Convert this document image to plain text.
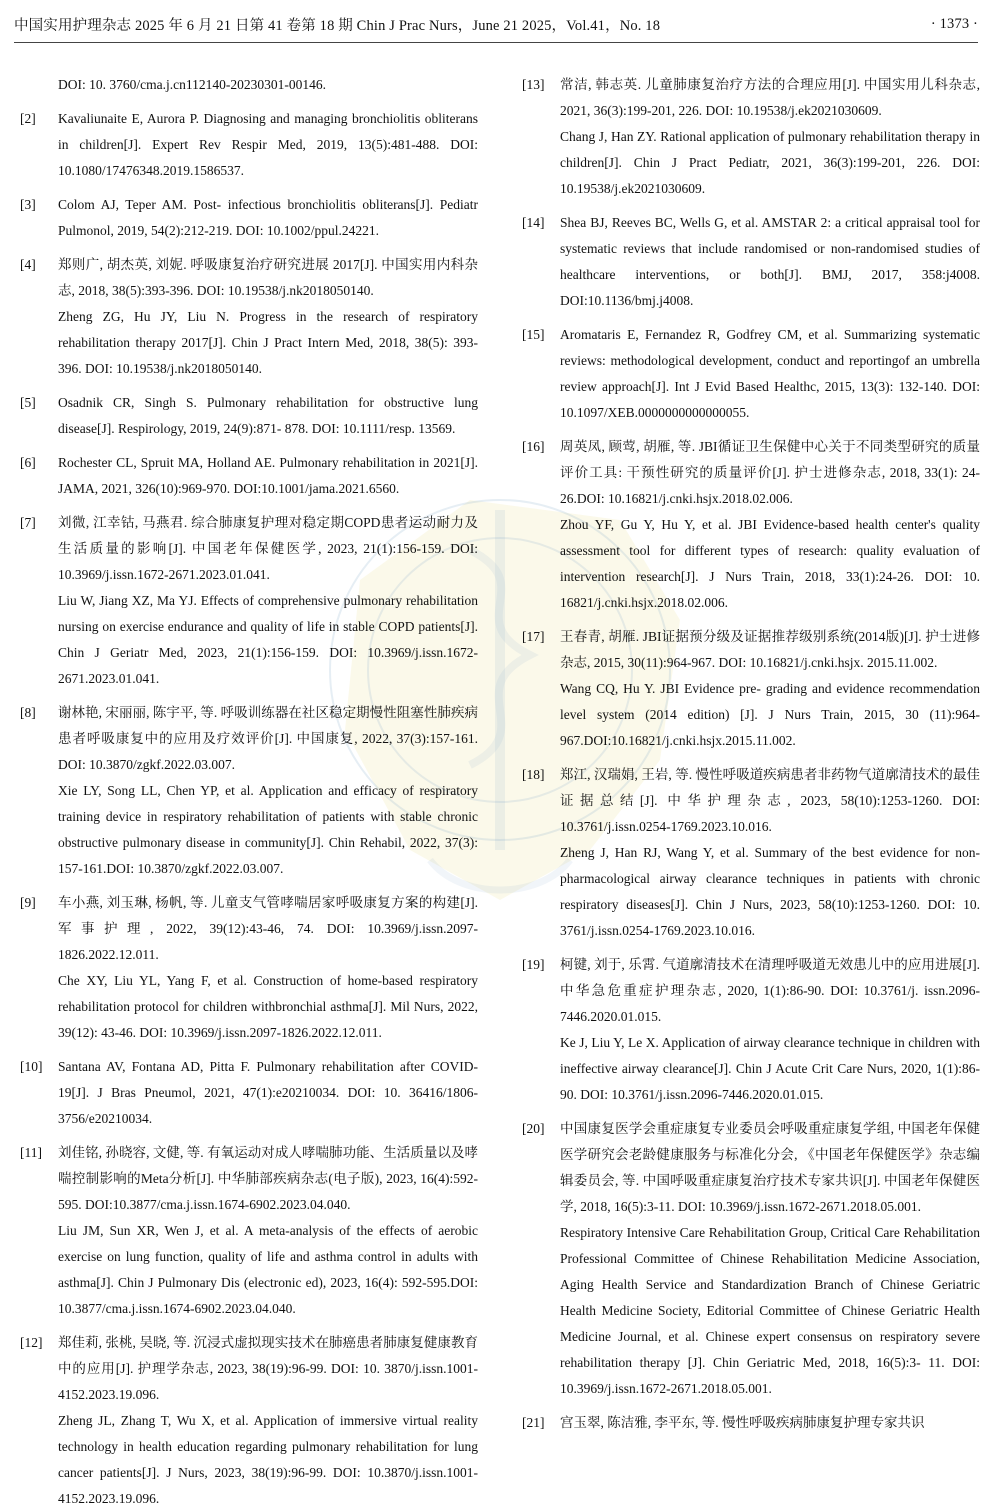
中国实用护理杂志 2025 年 6 月 21 日第 41 卷第 18 期 Chin J Prac Nurs，June 21 2025，Vol.41，No. 18	· 1373 ·
DOI: 10. 3760/cma.j.cn112140-20230301-00146.
[2] Kavaliunaite E, Aurora P. Diagnosing and managing bronchiolitis obliterans in children[J]. Expert Rev Respir Med, 2019, 13(5):481-488. DOI: 10.1080/17476348.2019.1586537.
[3] Colom AJ, Teper AM. Post- infectious bronchiolitis obliterans[J]. Pediatr Pulmonol, 2019, 54(2):212-219. DOI: 10.1002/ppul.24221.
[4] 郑则广, 胡杰英, 刘妮. 呼吸康复治疗研究进展 2017[J]. 中国实用内科杂志, 2018, 38(5):393-396. DOI: 10.19538/j.nk2018050140.
Zheng ZG, Hu JY, Liu N. Progress in the research of respiratory rehabilitation therapy 2017[J]. Chin J Pract Intern Med, 2018, 38(5): 393-396. DOI: 10.19538/j.nk2018050140.
[5] Osadnik CR, Singh S. Pulmonary rehabilitation for obstructive lung disease[J]. Respirology, 2019, 24(9):871- 878. DOI: 10.1111/resp. 13569.
[6] Rochester CL, Spruit MA, Holland AE. Pulmonary rehabilitation in 2021[J]. JAMA, 2021, 326(10):969-970. DOI:10.1001/jama.2021.6560.
[7] 刘微, 江幸钴, 马燕君. 综合肺康复护理对稳定期COPD患者运动耐力及生活质量的影响[J]. 中国老年保健医学, 2023, 21(1):156-159. DOI: 10.3969/j.issn.1672-2671.2023.01.041.
Liu W, Jiang XZ, Ma YJ. Effects of comprehensive pulmonary rehabilitation nursing on exercise endurance and quality of life in stable COPD patients[J]. Chin J Geriatr Med, 2023, 21(1):156-159. DOI: 10.3969/j.issn.1672-2671.2023.01.041.
[8] 谢林艳, 宋丽丽, 陈宇平, 等. 呼吸训练器在社区稳定期慢性阻塞性肺疾病患者呼吸康复中的应用及疗效评价[J]. 中国康复, 2022, 37(3):157-161. DOI: 10.3870/zgkf.2022.03.007.
Xie LY, Song LL, Chen YP, et al. Application and efficacy of respiratory training device in respiratory rehabilitation of patients with stable chronic obstructive pulmonary disease in community[J]. Chin Rehabil, 2022, 37(3): 157-161.DOI: 10.3870/zgkf.2022.03.007.
[9] 车小燕, 刘玉琳, 杨帆, 等. 儿童支气管哮喘居家呼吸康复方案的构建[J]. 军事护理, 2022, 39(12):43-46, 74. DOI: 10.3969/j.issn.2097-1826.2022.12.011.
Che XY, Liu YL, Yang F, et al. Construction of home-based respiratory rehabilitation protocol for children withbronchial asthma[J]. Mil Nurs, 2022, 39(12): 43-46. DOI: 10.3969/j.issn.2097-1826.2022.12.011.
[10] Santana AV, Fontana AD, Pitta F. Pulmonary rehabilitation after COVID-19[J]. J Bras Pneumol, 2021, 47(1):e20210034. DOI: 10. 36416/1806-3756/e20210034.
[11] 刘佳铭, 孙晓容, 文健, 等. 有氧运动对成人哮喘肺功能、生活质量以及哮喘控制影响的Meta分析[J]. 中华肺部疾病杂志(电子版), 2023, 16(4):592-595. DOI:10.3877/cma.j.issn.1674-6902.2023.04.040.
Liu JM, Sun XR, Wen J, et al. A meta-analysis of the effects of aerobic exercise on lung function, quality of life and asthma control in adults with asthma[J]. Chin J Pulmonary Dis (electronic ed), 2023, 16(4): 592-595.DOI: 10.3877/cma.j.issn.1674-6902.2023.04.040.
[12] 郑佳莉, 张桃, 吴晓, 等. 沉浸式虚拟现实技术在肺癌患者肺康复健康教育中的应用[J]. 护理学杂志, 2023, 38(19):96-99. DOI: 10. 3870/j.issn.1001-4152.2023.19.096.
Zheng JL, Zhang T, Wu X, et al. Application of immersive virtual reality technology in health education regarding pulmonary rehabilitation for lung cancer patients[J]. J Nurs, 2023, 38(19):96-99. DOI: 10.3870/j.issn.1001-4152.2023.19.096.
[13] 常洁, 韩志英. 儿童肺康复治疗方法的合理应用[J]. 中国实用儿科杂志, 2021, 36(3):199-201, 226. DOI: 10.19538/j.ek2021030609.
Chang J, Han ZY. Rational application of pulmonary rehabilitation therapy in children[J]. Chin J Pract Pediatr, 2021, 36(3):199-201, 226. DOI: 10.19538/j.ek2021030609.
[14] Shea BJ, Reeves BC, Wells G, et al. AMSTAR 2: a critical appraisal tool for systematic reviews that include randomised or non-randomised studies of healthcare interventions, or both[J]. BMJ, 2017, 358:j4008. DOI:10.1136/bmj.j4008.
[15] Aromataris E, Fernandez R, Godfrey CM, et al. Summarizing systematic reviews: methodological development, conduct and reportingof an umbrella review approach[J]. Int J Evid Based Healthc, 2015, 13(3): 132-140. DOI: 10.1097/XEB.0000000000000055.
[16] 周英凤, 顾莺, 胡雁, 等. JBI循证卫生保健中心关于不同类型研究的质量评价工具: 干预性研究的质量评价[J]. 护士进修杂志, 2018, 33(1): 24-26.DOI: 10.16821/j.cnki.hsjx.2018.02.006.
Zhou YF, Gu Y, Hu Y, et al. JBI Evidence-based health center's quality assessment tool for different types of research: quality evaluation of intervention research[J]. J Nurs Train, 2018, 33(1):24-26. DOI: 10. 16821/j.cnki.hsjx.2018.02.006.
[17] 王春青, 胡雁. JBI证据预分级及证据推荐级别系统(2014版)[J]. 护士进修杂志, 2015, 30(11):964-967. DOI: 10.16821/j.cnki.hsjx. 2015.11.002.
Wang CQ, Hu Y. JBI Evidence pre- grading and evidence recommendation level system (2014 edition) [J]. J Nurs Train, 2015, 30 (11):964-967.DOI:10.16821/j.cnki.hsjx.2015.11.002.
[18] 郑江, 汉瑞娟, 王岩, 等. 慢性呼吸道疾病患者非药物气道廓清技术的最佳证据总结[J]. 中华护理杂志, 2023, 58(10):1253-1260. DOI: 10.3761/j.issn.0254-1769.2023.10.016.
Zheng J, Han RJ, Wang Y, et al. Summary of the best evidence for non-pharmacological airway clearance techniques in patients with chronic respiratory diseases[J]. Chin J Nurs, 2023, 58(10):1253-1260. DOI: 10. 3761/j.issn.0254-1769.2023.10.016.
[19] 柯键, 刘于, 乐霄. 气道廓清技术在清理呼吸道无效患儿中的应用进展[J]. 中华急危重症护理杂志, 2020, 1(1):86-90. DOI: 10.3761/j. issn.2096-7446.2020.01.015.
Ke J, Liu Y, Le X. Application of airway clearance technique in children with ineffective airway clearance[J]. Chin J Acute Crit Care Nurs, 2020, 1(1):86-90. DOI: 10.3761/j.issn.2096-7446.2020.01.015.
[20] 中国康复医学会重症康复专业委员会呼吸重症康复学组, 中国老年保健医学研究会老龄健康服务与标准化分会, 《中国老年保健医学》杂志编辑委员会, 等. 中国呼吸重症康复治疗技术专家共识[J]. 中国老年保健医学, 2018, 16(5):3-11. DOI: 10.3969/j.issn.1672-2671.2018.05.001.
Respiratory Intensive Care Rehabilitation Group, Critical Care Rehabilitation Professional Committee of Chinese Rehabilitation Medicine Association, Aging Health Service and Standardization Branch of Chinese Geriatric Health Medicine Society, Editorial Committee of Chinese Geriatric Health Medicine Journal, et al. Chinese expert consensus on respiratory severe rehabilitation therapy [J]. Chin Geriatric Med, 2018, 16(5):3- 11. DOI: 10.3969/j.issn.1672-2671.2018.05.001.
[21] 宫玉翠, 陈洁雅, 李平东, 等. 慢性呼吸疾病肺康复护理专家共识
